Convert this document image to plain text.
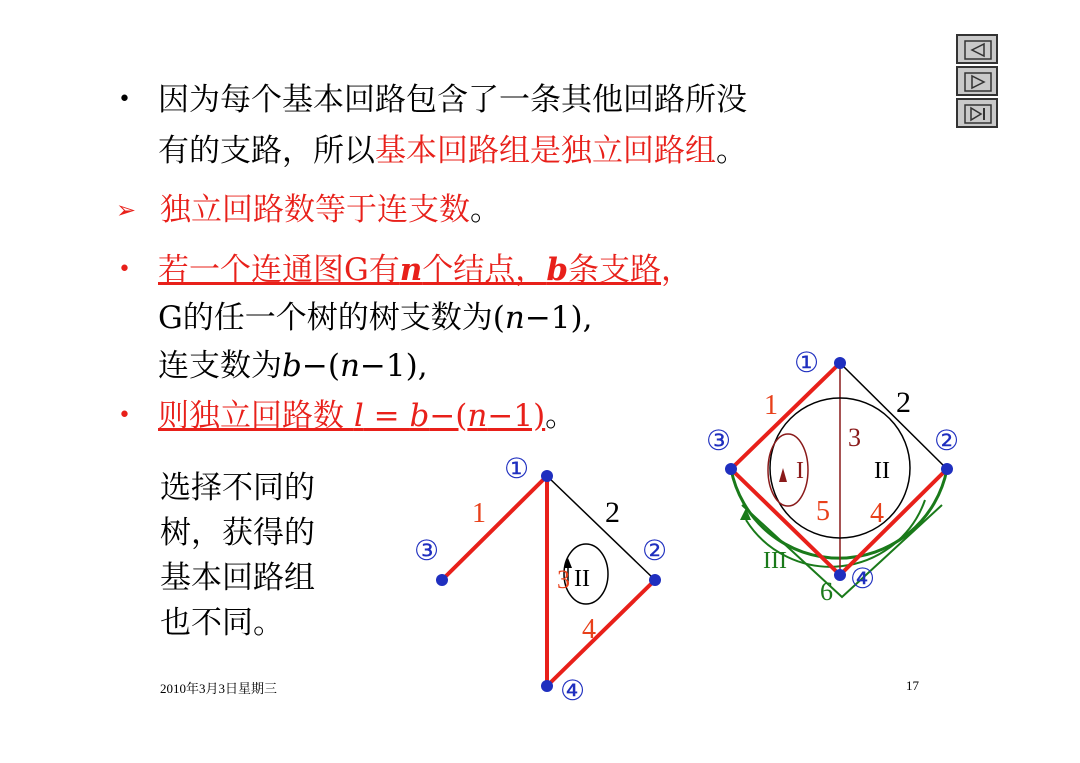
• 因为每个基本回路包含了一条其他回路所没
有的支路，所以基本回路组是独立回路组。
➢ 独立回路数等于连支数。
• 若一个连通图G有n个结点，b条支路，
G的任一个树的树支数为(n−1),
连支数为b−(n−1),
• 则独立回路数 l = b−(n−1)。
选择不同的
树，获得的
基本回路组
也不同。
①
②
③
④
1	2
3
4
II
①
②
③
④
1	2
3
4
5
6
I	II
III
2010年3月3日星期三	17
